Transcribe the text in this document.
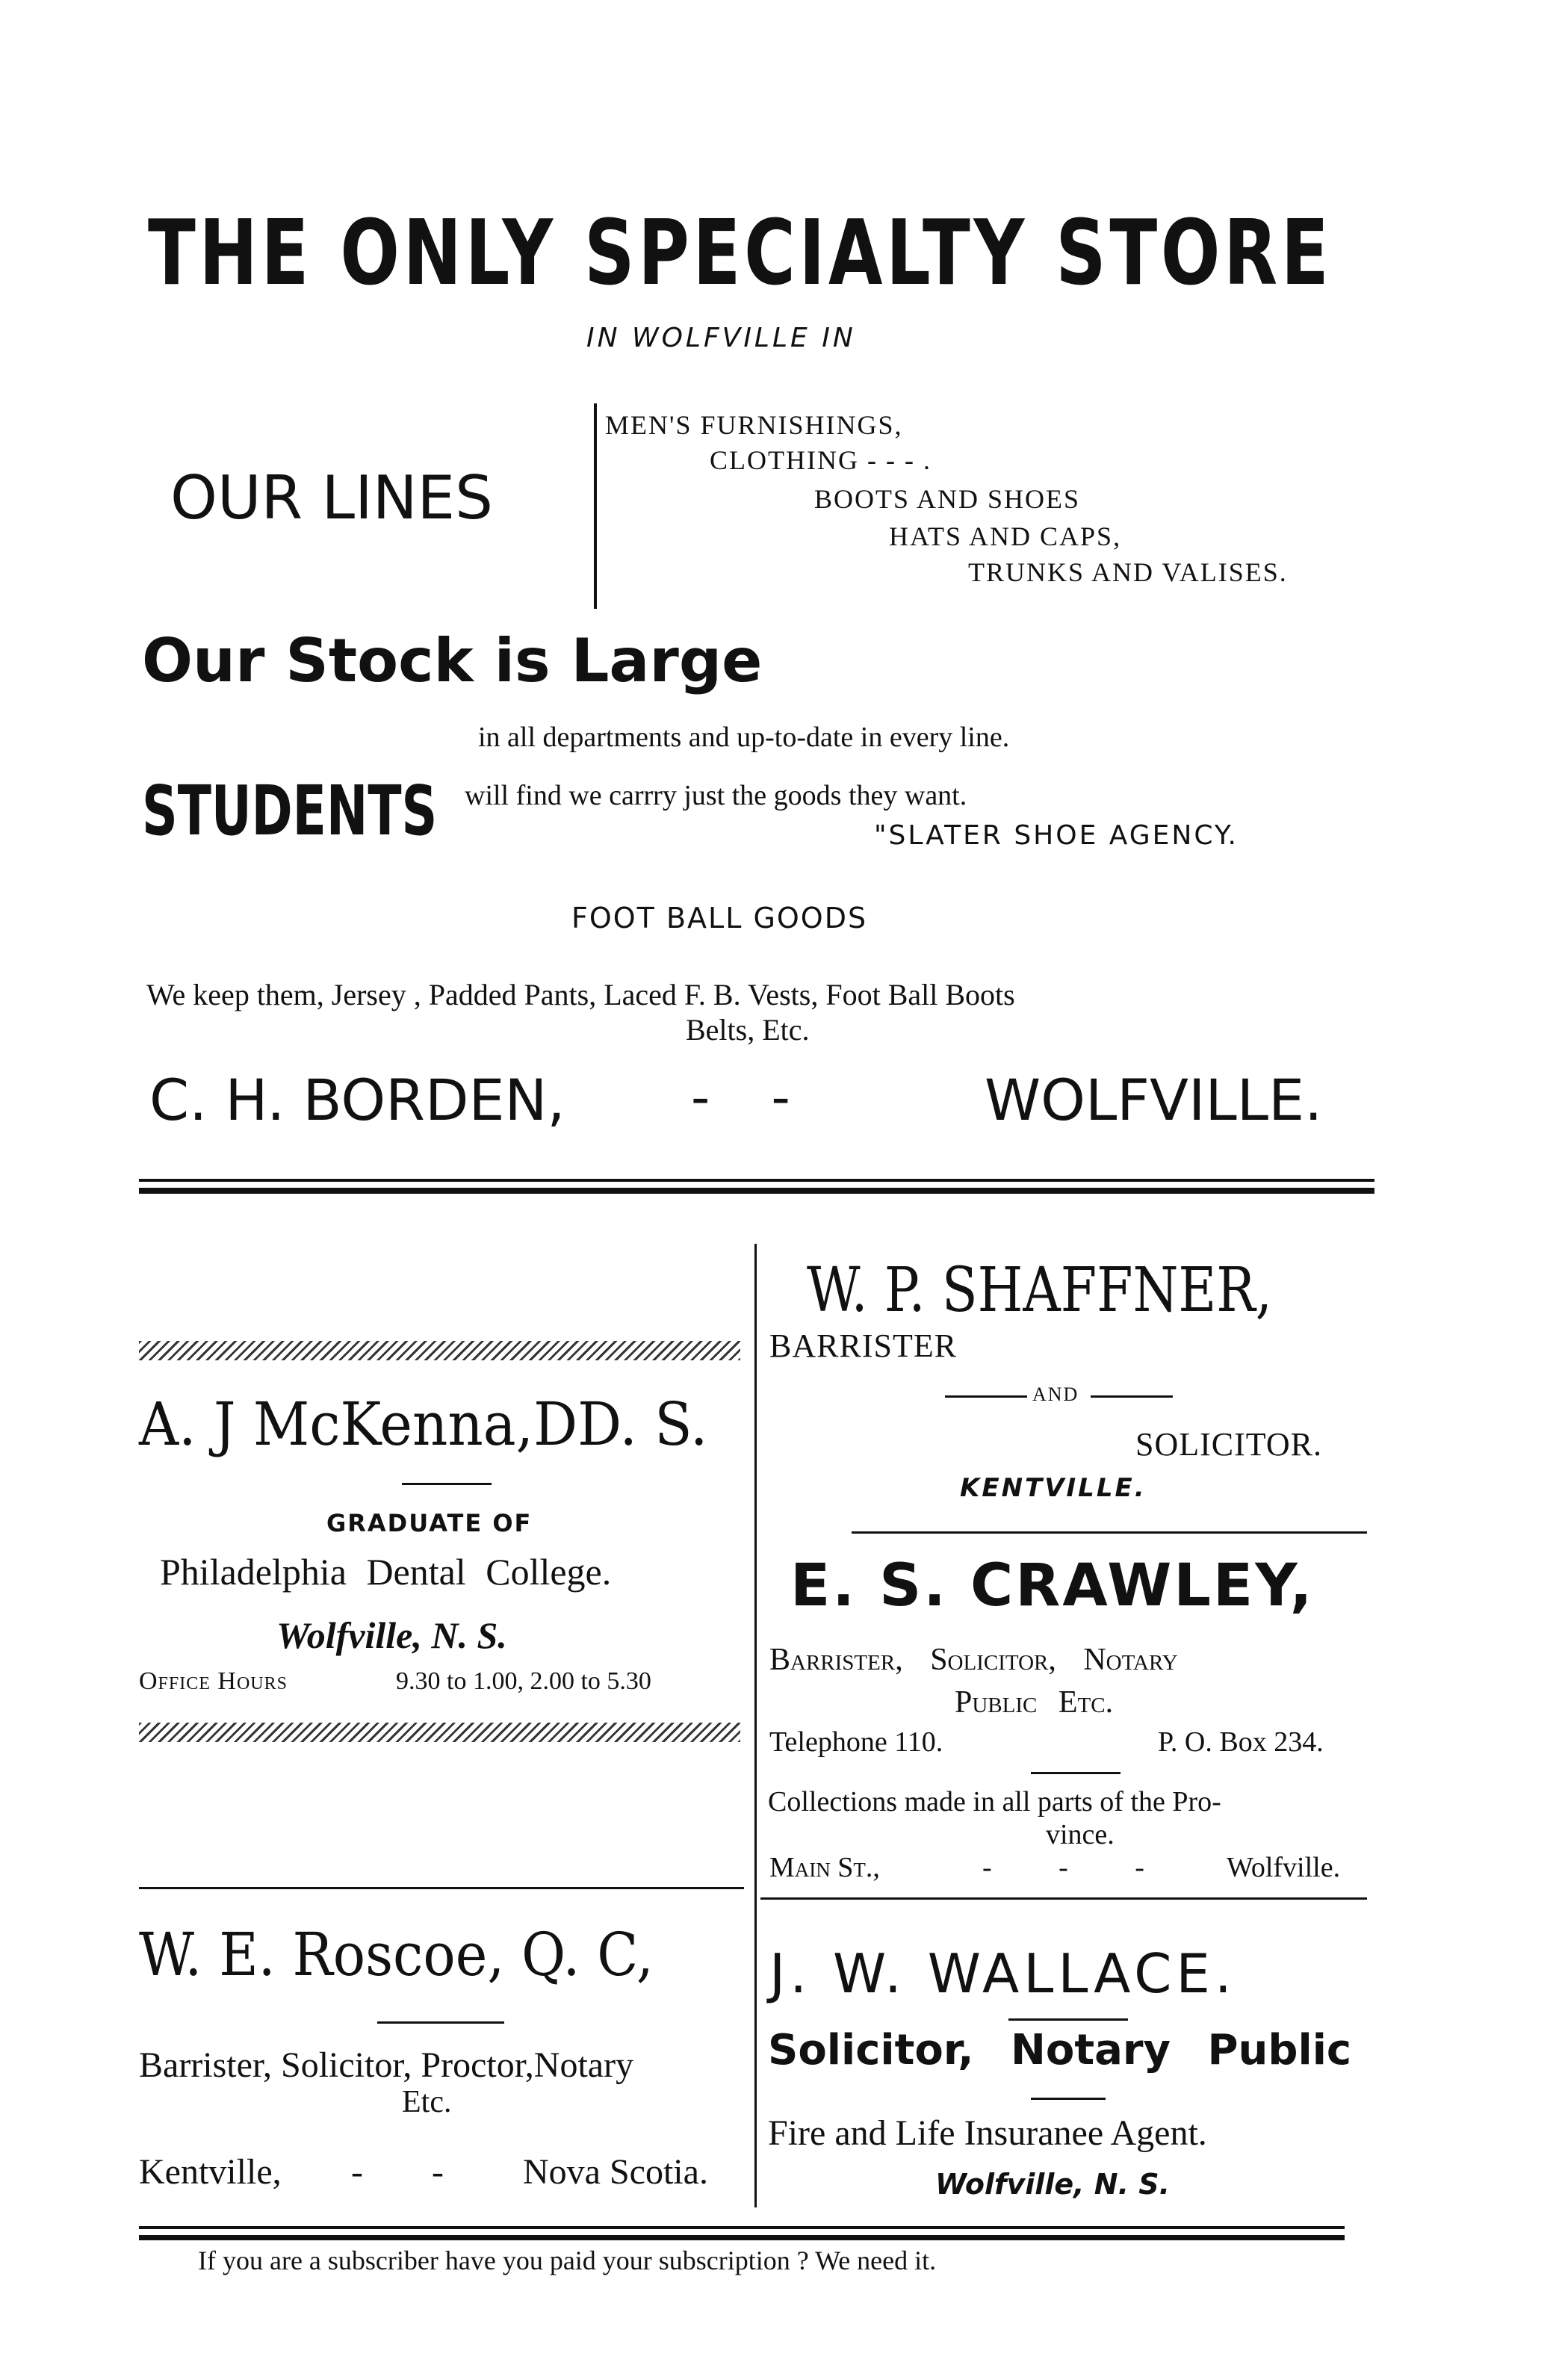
THE ONLY SPECIALTY STORE
IN WOLFVILLE IN
OUR LINES
MEN'S FURNISHINGS,
CLOTHING - - - .
BOOTS AND SHOES
HATS AND CAPS,
TRUNKS AND VALISES.
Our Stock is Large
in all departments and up-to-date in every line.
STUDENTS will find we carrry just the goods they want.
"SLATER SHOE AGENCY.
FOOT BALL GOODS
We keep them, Jersey , Padded Pants, Laced F. B. Vests, Foot Ball Boots
Belts, Etc.
C. H. BORDEN, - -	WOLFVILLE.
A. J McKenna,DD. S.
GRADUATE OF
Philadelphia Dental College.
Wolfville, N. S.
Office Hours	9.30 to 1.00, 2.00 to 5.30
W. E. Roscoe, Q. C,
Barrister, Solicitor, Proctor,Notary
Etc.
Kentville, - - Nova Scotia.
W. P. SHAFFNER,
BARRISTER
AND
SOLICITOR.
KENTVILLE.
E. S. CRAWLEY,
Barrister, Solicitor, Notary
Public Etc.
Telephone 110.	P. O. Box 234.
Collections made in all parts of the Pro-
vince.
Main St.,	- - -	Wolfville.
J. W. WALLACE.
Solicitor, Notary Public
Fire and Life Insuranee Agent.
Wolfville, N. S.
If you are a subscriber have you paid your subscription ? We need it.
